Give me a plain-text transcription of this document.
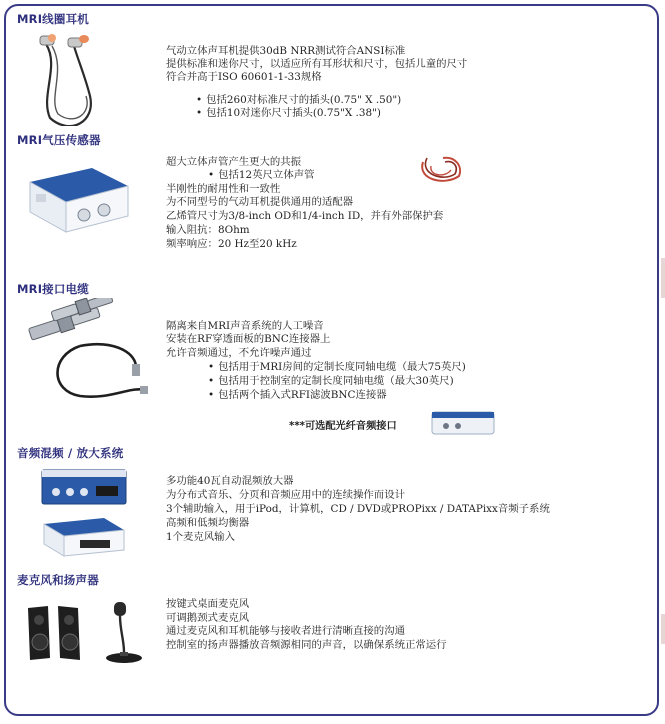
MRI线圈耳机
气动立体声耳机提供30dB NRR测试符合ANSI标准
提供标准和迷你尺寸，以适应所有耳形状和尺寸，包括儿童的尺寸
符合并高于ISO 60601-1-33规格
• 包括260对标准尺寸的插头(0.75" X .50")
• 包括10对迷你尺寸插头(0.75"X .38")
MRI气压传感器
超大立体声管产生更大的共振
• 包括12英尺立体声管
半刚性的耐用性和一致性
为不同型号的气动耳机提供通用的适配器
乙烯管尺寸为3/8-inch OD和1/4-inch ID，并有外部保护套
输入阻抗：8Ohm
频率响应：20 Hz至20 kHz
MRI接口电缆
隔离来自MRI声音系统的人工噪音
安装在RF穿透面板的BNC连接器上
允许音频通过，不允许噪声通过
• 包括用于MRI房间的定制长度同轴电缆（最大75英尺)
• 包括用于控制室的定制长度同轴电缆（最大30英尺)
• 包括两个插入式RFI滤波BNC连接器
***可选配光纤音频接口
音频混频 / 放大系统
多功能40瓦自动混频放大器
为分布式音乐、分页和音频应用中的连续操作而设计
3个辅助输入，用于iPod，计算机，CD / DVD或PROPixx / DATAPixx音频子系统
高频和低频均衡器
1个麦克风输入
麦克风和扬声器
按键式桌面麦克风
可调鹅颈式麦克风
通过麦克风和耳机能够与接收者进行清晰直接的沟通
控制室的扬声器播放音频源相同的声音，以确保系统正常运行
